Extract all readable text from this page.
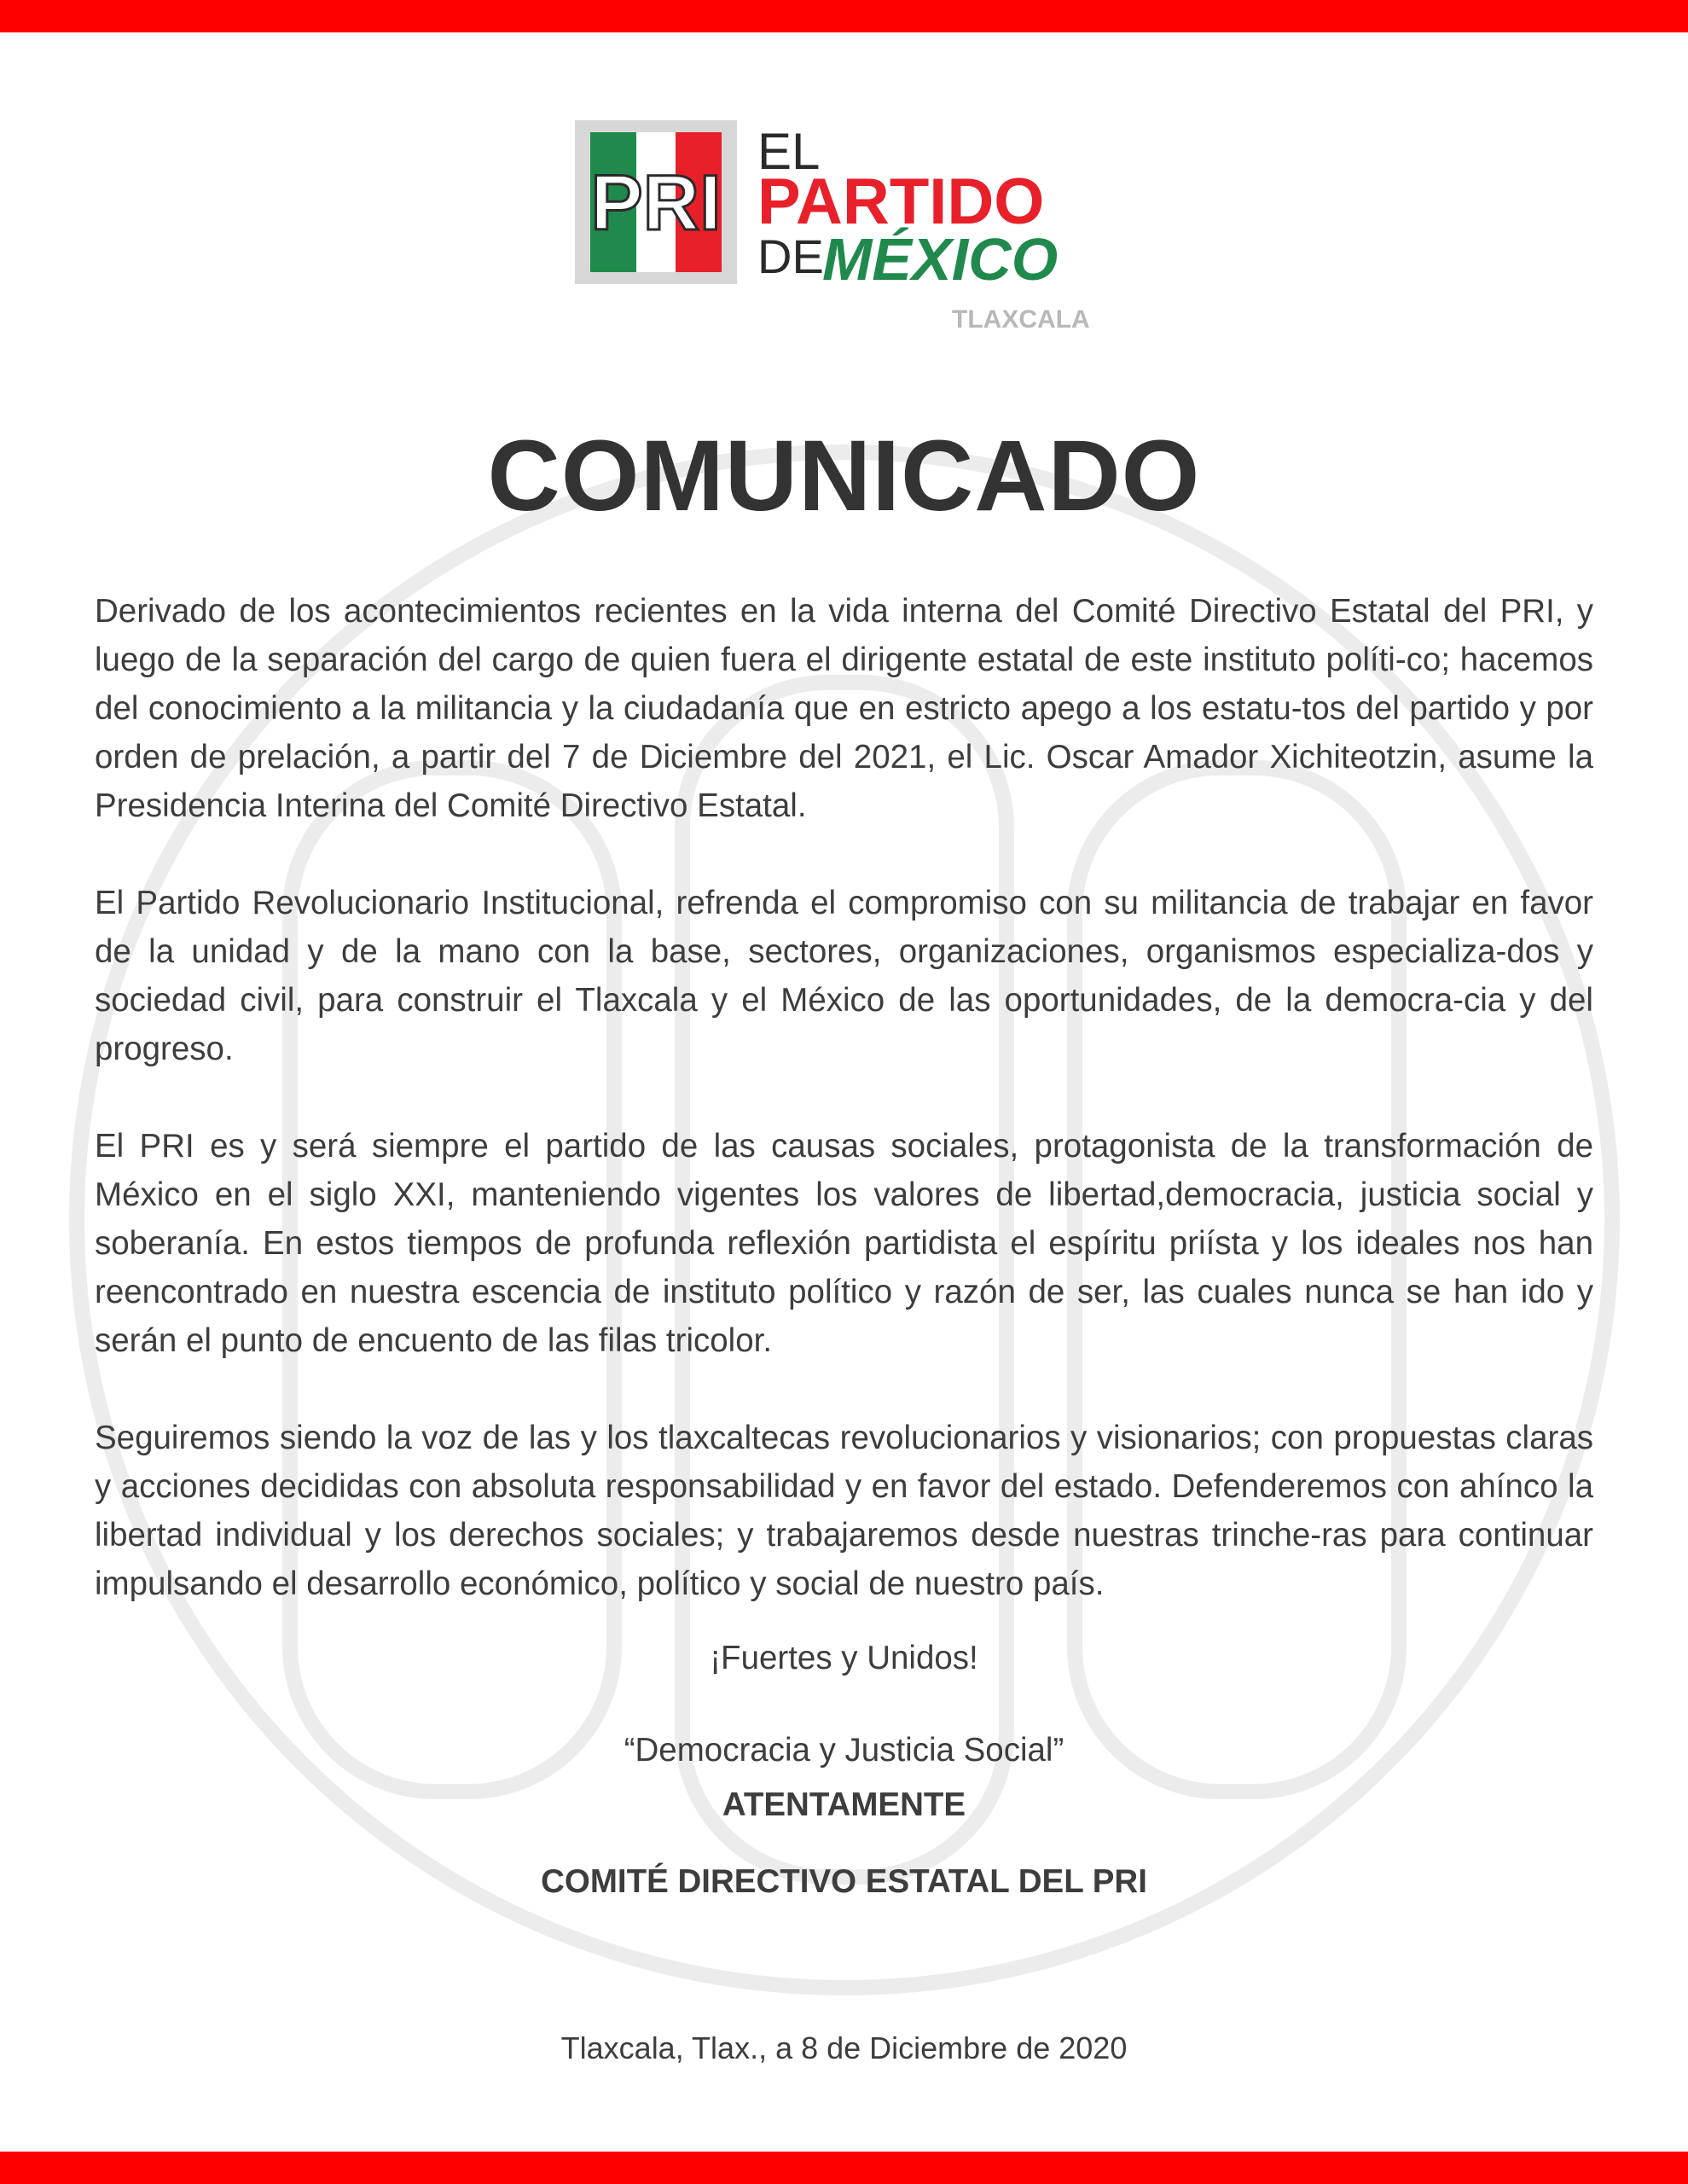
PRI
EL
PARTIDO
DE
MÉXICO
TLAXCALA
COMUNICADO

Derivado de los acontecimientos recientes en la vida interna del Comité Directivo Estatal del PRI, y luego de la separación del cargo de quien fuera el dirigente estatal de este instituto políti-co; hacemos del conocimiento a la militancia y la ciudadanía que en estricto apego a los estatu-tos del partido y por orden de prelación, a partir del 7 de Diciembre del 2021, el Lic. Oscar Amador Xichiteotzin, asume la Presidencia Interina del Comité Directivo Estatal.

El Partido Revolucionario Institucional, refrenda el compromiso con su militancia de trabajar en favor de la unidad y de la mano con la base, sectores, organizaciones, organismos especializa-dos y sociedad civil, para construir el Tlaxcala y el México de las oportunidades, de la democra-cia y del progreso.

El PRI es y será siempre el partido de las causas sociales, protagonista de la transformación de México en el siglo XXI, manteniendo vigentes los valores de libertad,democracia, justicia social y soberanía. En estos tiempos de profunda reflexión partidista el espíritu priísta y los ideales nos han reencontrado en nuestra escencia de instituto político y razón de ser, las cuales nunca se han ido y serán el punto de encuento de las filas tricolor.

Seguiremos siendo la voz de las y los tlaxcaltecas revolucionarios y visionarios; con propuestas claras y acciones decididas con absoluta responsabilidad y en favor del estado. Defenderemos con ahínco la libertad individual y los derechos sociales; y trabajaremos desde nuestras trinche-ras para continuar impulsando el desarrollo económico, político y social de nuestro país.

¡Fuertes y Unidos!
“Democracia y Justicia Social”
ATENTAMENTE
COMITÉ DIRECTIVO ESTATAL DEL PRI
Tlaxcala, Tlax., a 8 de Diciembre de 2020
